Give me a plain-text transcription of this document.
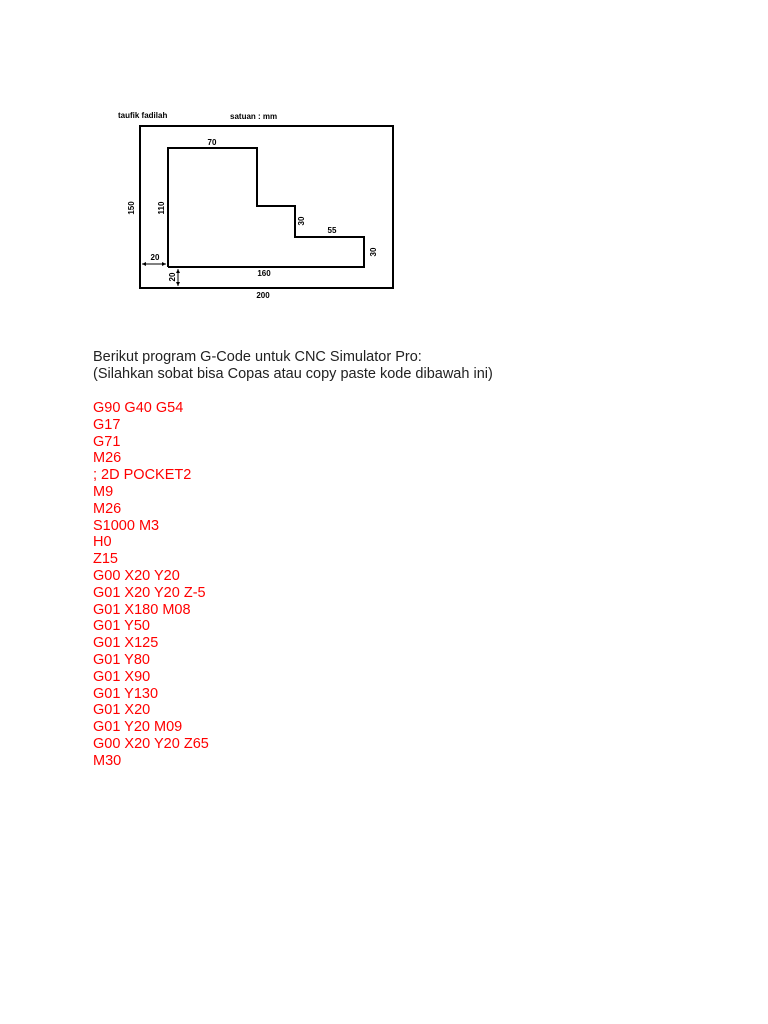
taufik fadilah	satuan : mm
70
30
55
30
110
150
20
20	160
200
Berikut program G-Code untuk CNC Simulator Pro:
(Silahkan sobat bisa Copas atau copy paste kode dibawah ini)
G90 G40 G54
G17
G71
M26
; 2D POCKET2
M9
M26
S1000 M3
H0
Z15
G00 X20 Y20
G01 X20 Y20 Z-5
G01 X180 M08
G01 Y50
G01 X125
G01 Y80
G01 X90
G01 Y130
G01 X20
G01 Y20 M09
G00 X20 Y20 Z65
M30
